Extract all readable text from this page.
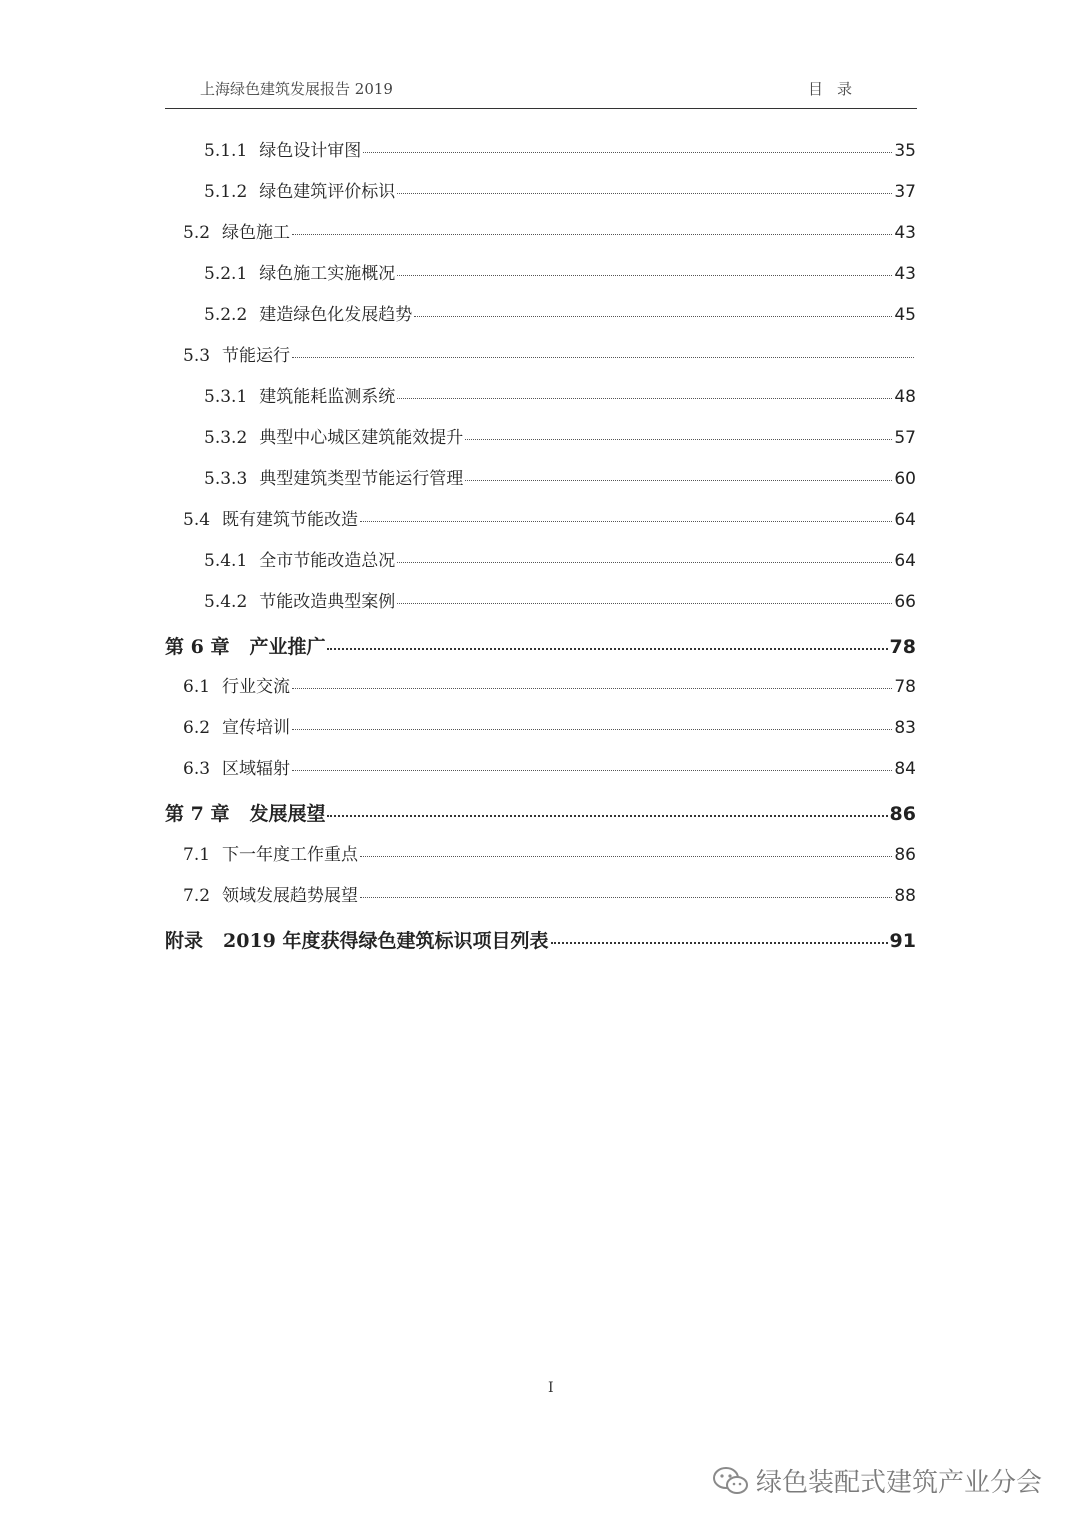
上海绿色建筑发展报告 2019	目录
5.1.1 绿色设计审图	35
5.1.2 绿色建筑评价标识	37
5.2 绿色施工	43
5.2.1 绿色施工实施概况	43
5.2.2 建造绿色化发展趋势	45
5.3 节能运行
5.3.1 建筑能耗监测系统	48
5.3.2 典型中心城区建筑能效提升	57
5.3.3 典型建筑类型节能运行管理	60
5.4 既有建筑节能改造	64
5.4.1 全市节能改造总况	64
5.4.2 节能改造典型案例	66
第 6 章 产业推广	78
6.1 行业交流	78
6.2 宣传培训	83
6.3 区域辐射	84
第 7 章 发展展望	86
7.1 下一年度工作重点	86
7.2 领域发展趋势展望	88
附录 2019 年度获得绿色建筑标识项目列表	91
I
绿色装配式建筑产业分会
